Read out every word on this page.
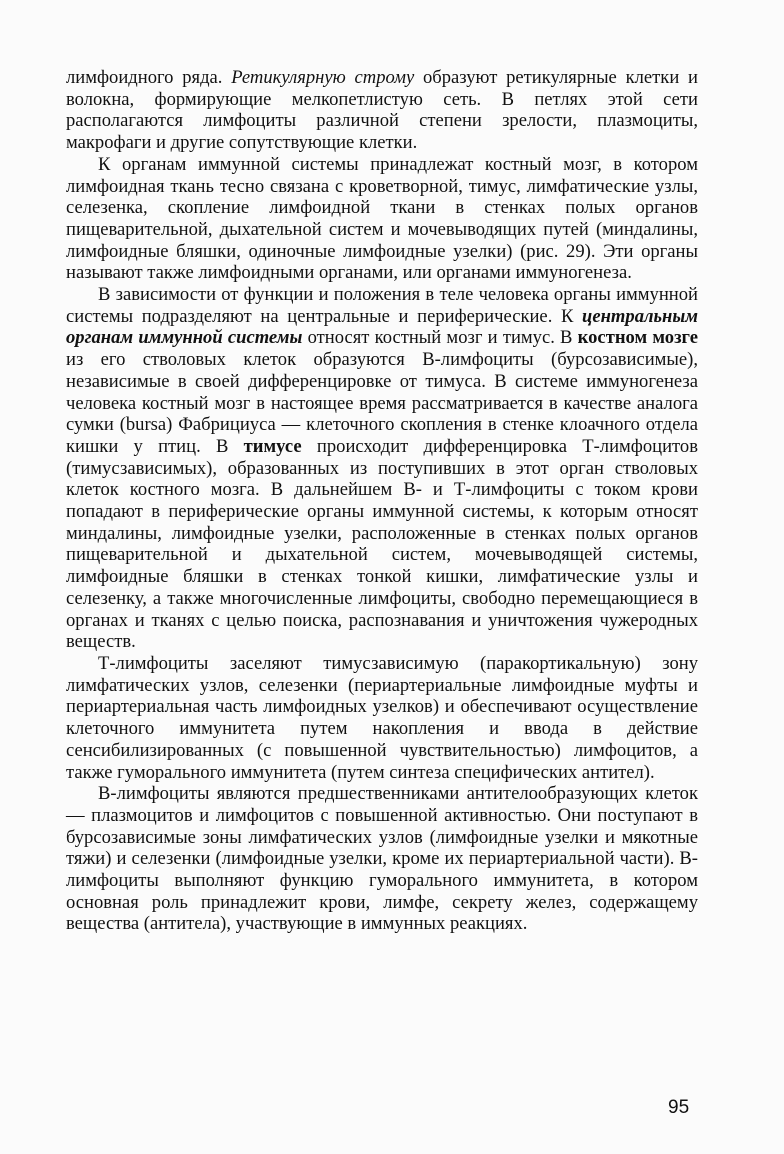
лимфоидного ряда. Ретикулярную строму образуют ретикулярные клетки и волокна, формирующие мелкопетлистую сеть. В петлях этой сети располагаются лимфоциты различной степени зрелости, плазмоциты, макрофаги и другие сопутствующие клетки.

К органам иммунной системы принадлежат костный мозг, в котором лимфоидная ткань тесно связана с кроветворной, тимус, лимфатические узлы, селезенка, скопление лимфоидной ткани в стенках полых органов пищеварительной, дыхательной систем и мочевыводящих путей (миндалины, лимфоидные бляшки, одиночные лимфоидные узелки) (рис. 29). Эти органы называют также лимфоидными органами, или органами иммуногенеза.

В зависимости от функции и положения в теле человека органы иммунной системы подразделяют на центральные и периферические. К центральным органам иммунной системы относят костный мозг и тимус. В костном мозге из его стволовых клеток образуются В-лимфоциты (бурсозависимые), независимые в своей дифференцировке от тимуса. В системе иммуногенеза человека костный мозг в настоящее время рассматривается в качестве аналога сумки (bursa) Фабрициуса — клеточного скопления в стенке клоачного отдела кишки у птиц. В тимусе происходит дифференцировка Т-лимфоцитов (тимусзависимых), образованных из поступивших в этот орган стволовых клеток костного мозга. В дальнейшем В- и Т-лимфоциты с током крови попадают в периферические органы иммунной системы, к которым относят миндалины, лимфоидные узелки, расположенные в стенках полых органов пищеварительной и дыхательной систем, мочевыводящей системы, лимфоидные бляшки в стенках тонкой кишки, лимфатические узлы и селезенку, а также многочисленные лимфоциты, свободно перемещающиеся в органах и тканях с целью поиска, распознавания и уничтожения чужеродных веществ.

Т-лимфоциты заселяют тимусзависимую (паракортикальную) зону лимфатических узлов, селезенки (периартериальные лимфоидные муфты и периартериальная часть лимфоидных узелков) и обеспечивают осуществление клеточного иммунитета путем накопления и ввода в действие сенсибилизированных (с повышенной чувствительностью) лимфоцитов, а также гуморального иммунитета (путем синтеза специфических антител).

В-лимфоциты являются предшественниками антителообразующих клеток — плазмоцитов и лимфоцитов с повышенной активностью. Они поступают в бурсозависимые зоны лимфатических узлов (лимфоидные узелки и мякотные тяжи) и селезенки (лимфоидные узелки, кроме их периартериальной части). В-лимфоциты выполняют функцию гуморального иммунитета, в котором основная роль принадлежит крови, лимфе, секрету желез, содержащему вещества (антитела), участвующие в иммунных реакциях.

95
